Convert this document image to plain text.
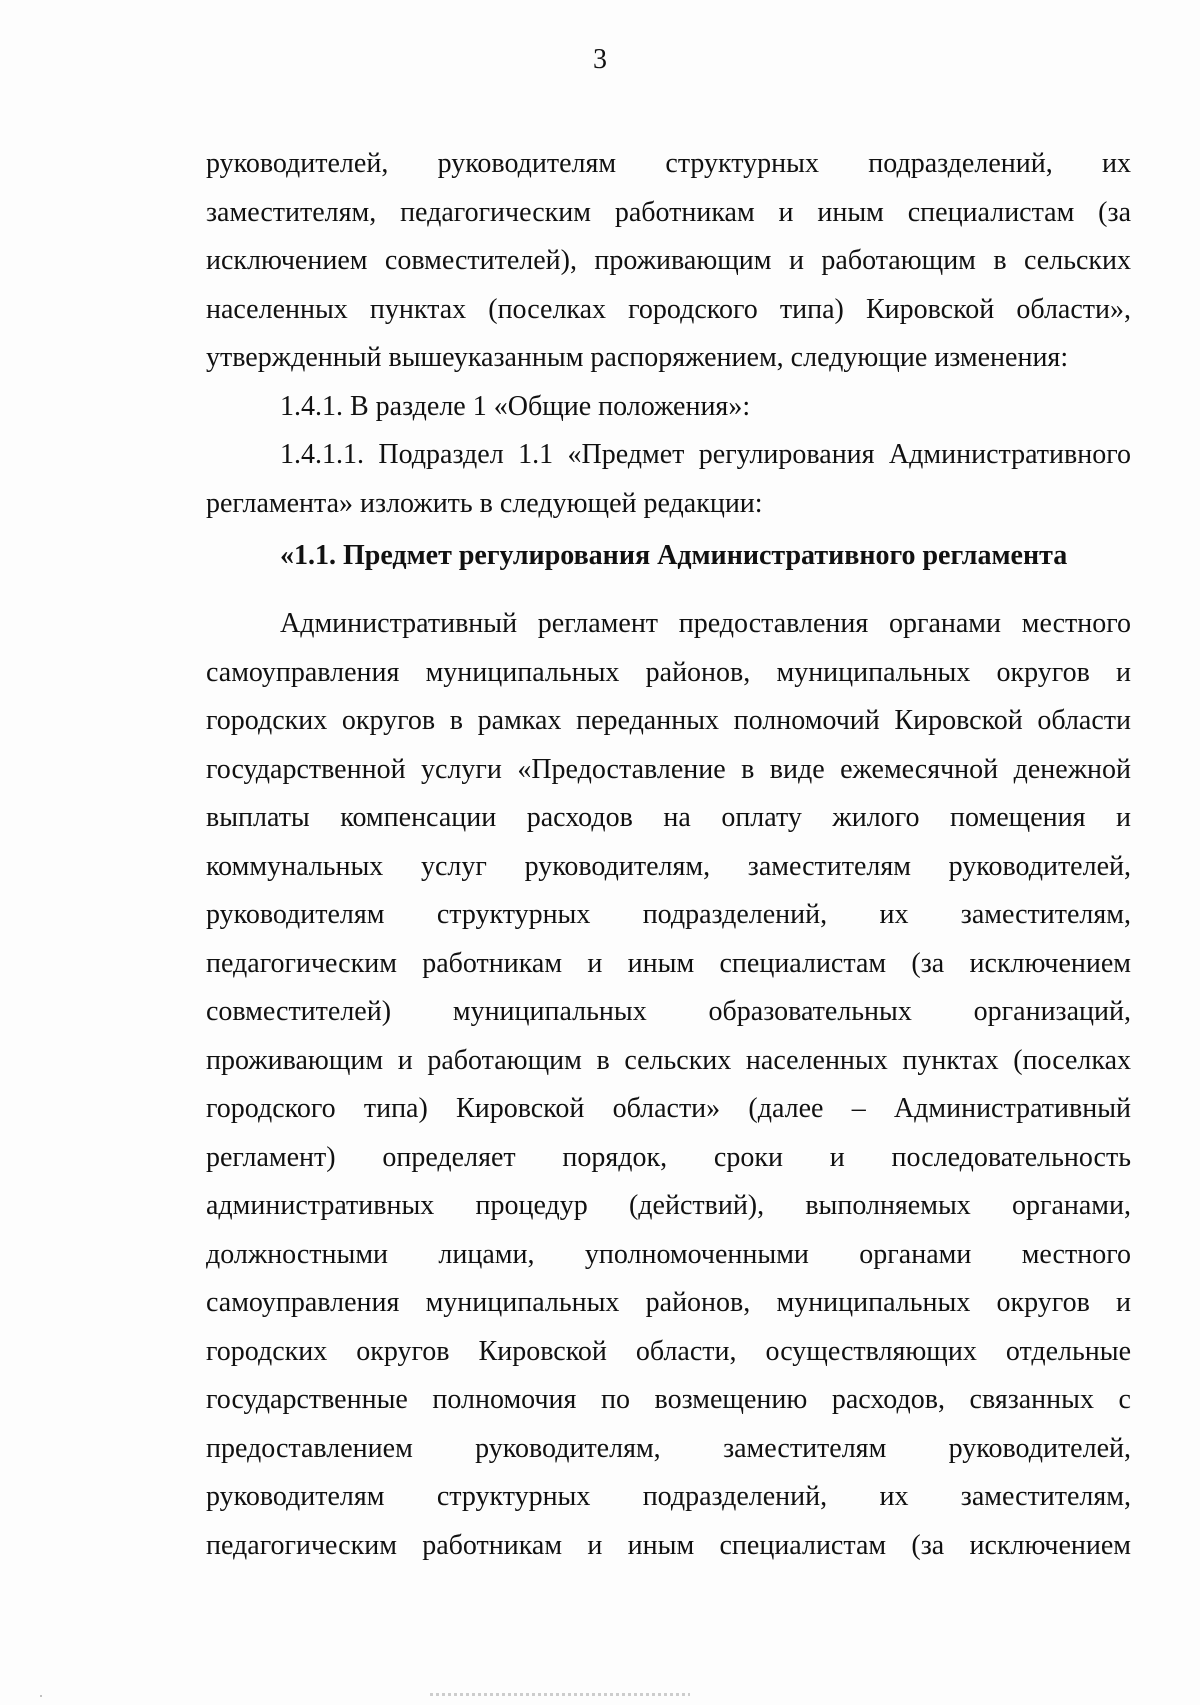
3
руководителей, руководителям структурных подразделений, их
заместителям, педагогическим работникам и иным специалистам (за
исключением совместителей), проживающим и работающим в сельских
населенных пунктах (поселках городского типа) Кировской области»,
утвержденный вышеуказанным распоряжением, следующие изменения:
1.4.1. В разделе 1 «Общие положения»:
1.4.1.1. Подраздел 1.1 «Предмет регулирования Административного
регламента» изложить в следующей редакции:
«1.1. Предмет регулирования Административного регламента
Административный регламент предоставления органами местного
самоуправления муниципальных районов, муниципальных округов и
городских округов в рамках переданных полномочий Кировской области
государственной услуги «Предоставление в виде ежемесячной денежной
выплаты компенсации расходов на оплату жилого помещения и
коммунальных услуг руководителям, заместителям руководителей,
руководителям структурных подразделений, их заместителям,
педагогическим работникам и иным специалистам (за исключением
совместителей) муниципальных образовательных организаций,
проживающим и работающим в сельских населенных пунктах (поселках
городского типа) Кировской области» (далее – Административный
регламент) определяет порядок, сроки и последовательность
административных процедур (действий), выполняемых органами,
должностными лицами, уполномоченными органами местного
самоуправления муниципальных районов, муниципальных округов и
городских округов Кировской области, осуществляющих отдельные
государственные полномочия по возмещению расходов, связанных с
предоставлением руководителям, заместителям руководителей,
руководителям структурных подразделений, их заместителям,
педагогическим работникам и иным специалистам (за исключением
